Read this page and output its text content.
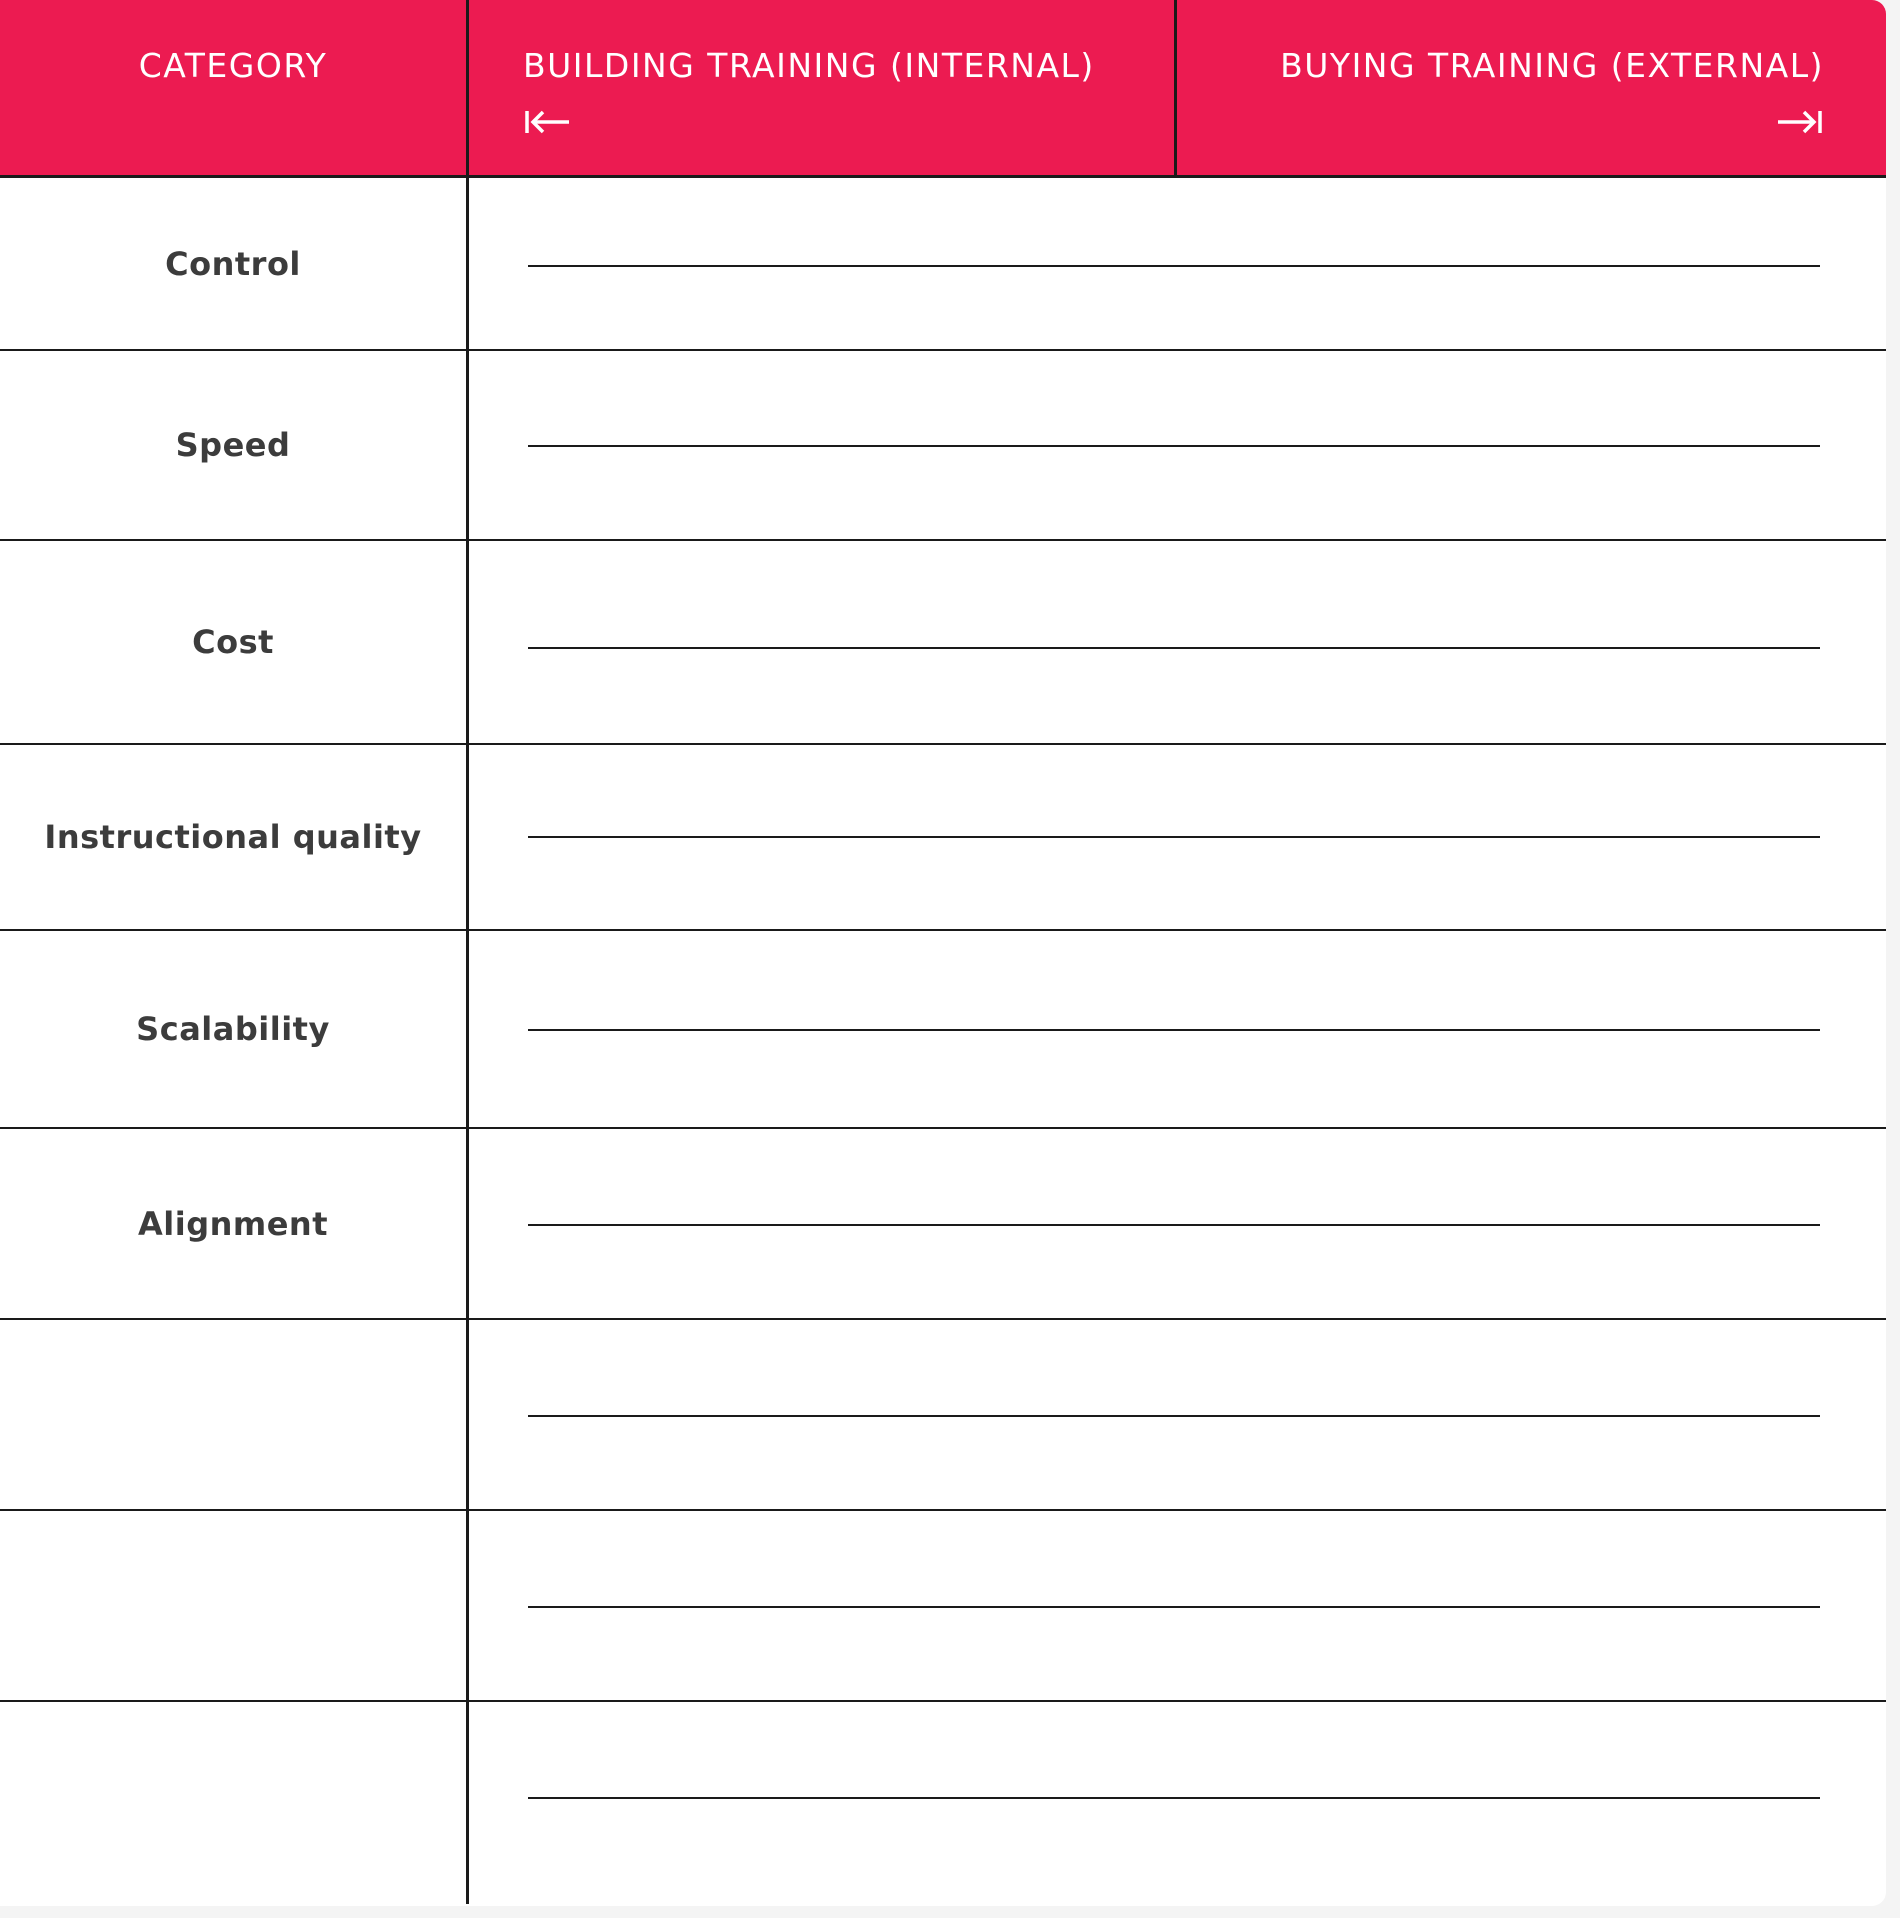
CATEGORY	BUILDING TRAINING (INTERNAL)	BUYING TRAINING (EXTERNAL)
Control
Speed
Cost
Instructional quality
Scalability
Alignment
